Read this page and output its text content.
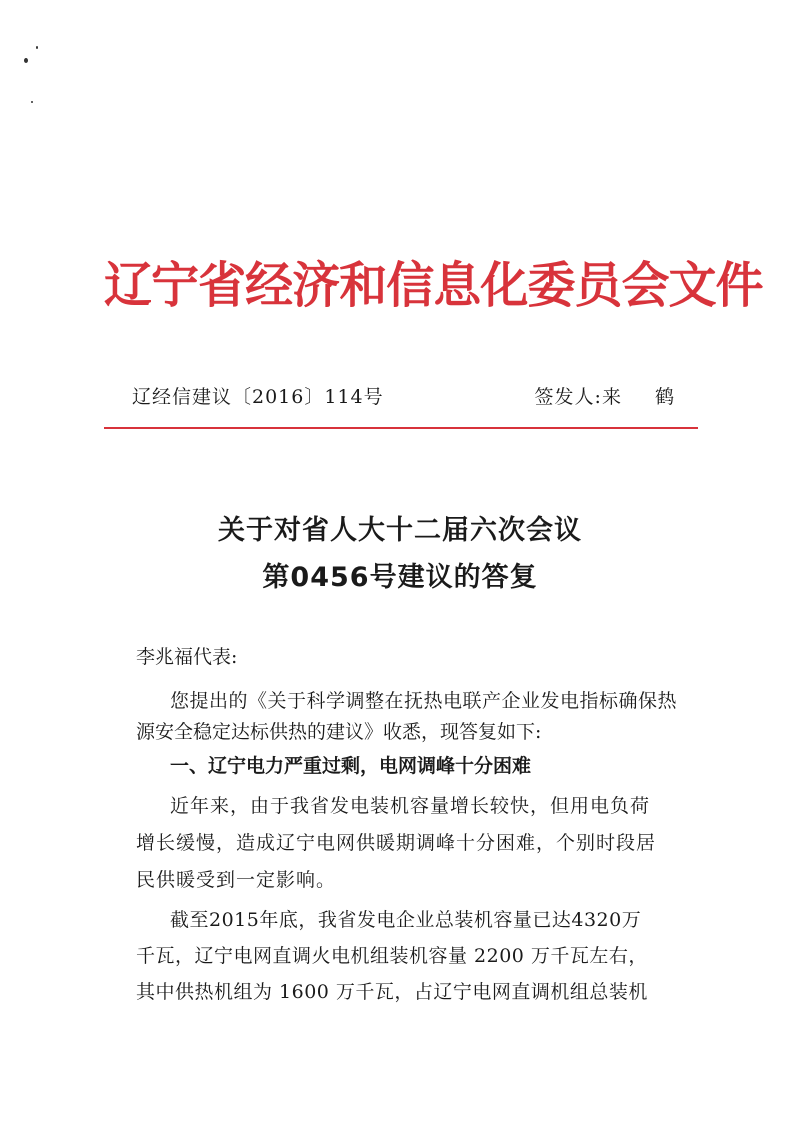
辽宁省经济和信息化委员会文件
辽经信建议〔2016〕114号	签发人:来 鹤
关于对省人大十二届六次会议
第0456号建议的答复
李兆福代表:
您提出的《关于科学调整在抚热电联产企业发电指标确保热
源安全稳定达标供热的建议》收悉，现答复如下:
一、辽宁电力严重过剩，电网调峰十分困难
近年来，由于我省发电装机容量增长较快，但用电负荷
增长缓慢，造成辽宁电网供暖期调峰十分困难，个别时段居
民供暖受到一定影响。
截至2015年底，我省发电企业总装机容量已达4320万
千瓦，辽宁电网直调火电机组装机容量 2200 万千瓦左右，
其中供热机组为 1600 万千瓦，占辽宁电网直调机组总装机
